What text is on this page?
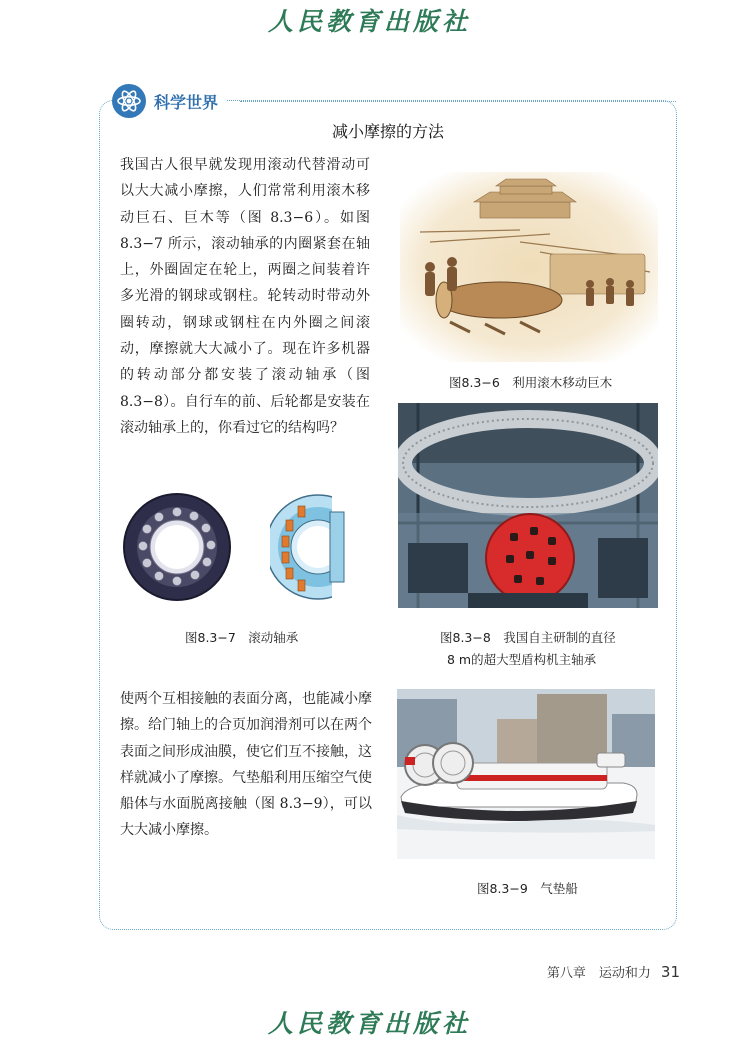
人民教育出版社
科学世界
减小摩擦的方法

我国古人很早就发现用滚动代替滑动可以大大减小摩擦，人们常常利用滚木移动巨石、巨木等（图 8.3−6）。如图 8.3−7 所示，滚动轴承的内圈紧套在轴上，外圈固定在轮上，两圈之间装着许多光滑的钢球或钢柱。轮转动时带动外圈转动，钢球或钢柱在内外圈之间滚动，摩擦就大大减小了。现在许多机器的转动部分都安装了滚动轴承（图 8.3−8）。自行车的前、后轮都是安装在滚动轴承上的，你看过它的结构吗？

图8.3−6　利用滚木移动巨木
图8.3−8　我国自主研制的直径
8 m的超大型盾构机主轴承
图8.3−7　滚动轴承

使两个互相接触的表面分离，也能减小摩擦。给门轴上的合页加润滑剂可以在两个表面之间形成油膜，使它们互不接触，这样就减小了摩擦。气垫船利用压缩空气使船体与水面脱离接触（图 8.3−9），可以大大减小摩擦。

图8.3−9　气垫船
第八章　运动和力 31
人民教育出版社
